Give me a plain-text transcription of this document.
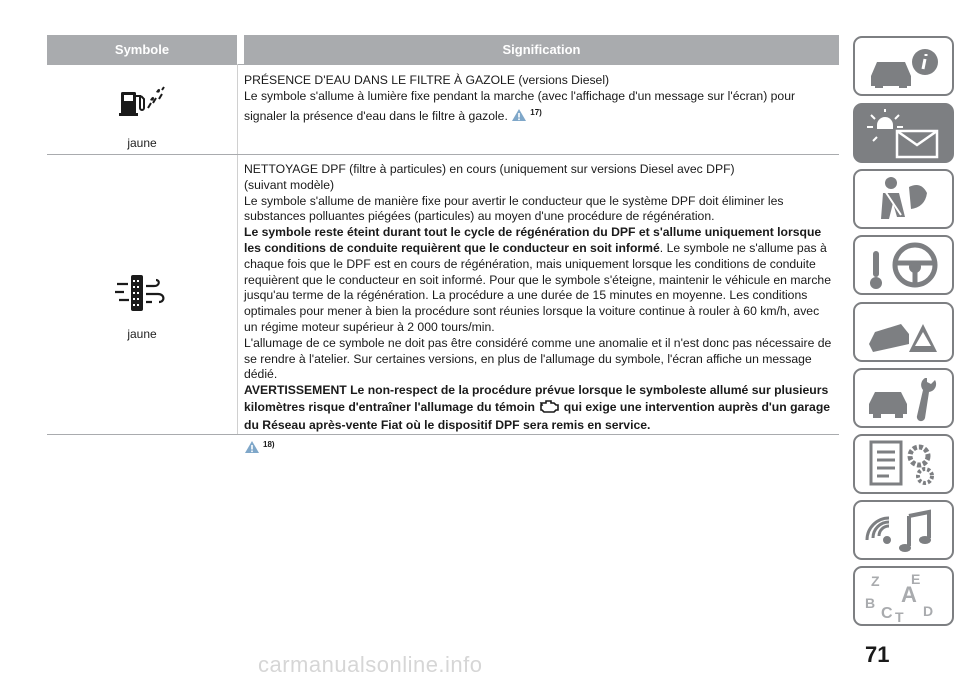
Symbole	Signification
jaune
PRÉSENCE D'EAU DANS LE FILTRE À GAZOLE (versions Diesel)
Le symbole s'allume à lumière fixe pendant la marche (avec l'affichage d'un message sur l'écran) pour signaler la présence d'eau dans le filtre à gazole.	$^{17)}$
jaune
NETTOYAGE DPF (filtre à particules) en cours (uniquement sur versions Diesel avec DPF)
(suivant modèle)
Le symbole s'allume de manière fixe pour avertir le conducteur que le système DPF doit éliminer les substances polluantes piégées (particules) au moyen d'une procédure de régénération.
Le symbole reste éteint durant tout le cycle de régénération du DPF et s'allume uniquement lorsque les conditions de conduite requièrent que le conducteur en soit informé. Le symbole ne s'allume pas à chaque fois que le DPF est en cours de régénération, mais uniquement lorsque les conditions de conduite requièrent que le conducteur en soit informé. Pour que le symbole s'éteigne, maintenir le véhicule en marche jusqu'au terme de la régénération. La procédure a une durée de 15 minutes en moyenne. Les conditions optimales pour mener à bien la procédure sont réunies lorsque la voiture continue à rouler à 60 km/h, avec un régime moteur supérieur à 2 000 tours/min.
L'allumage de ce symbole ne doit pas être considéré comme une anomalie et il n'est donc pas nécessaire de se rendre à l'atelier. Sur certaines versions, en plus de l'allumage du symbole, l'écran affiche un message dédié.
AVERTISSEMENT Le non-respect de la procédure prévue lorsque le symboleste allumé sur plusieurs kilomètres risque d'entraîner l'allumage du témoin qui exige une intervention auprès d'un garage du Réseau après-vente Fiat où le dispositif DPF sera remis en service.
$^{18)}$
Z E
B A
C D
T
71
carmanualsonline.info
